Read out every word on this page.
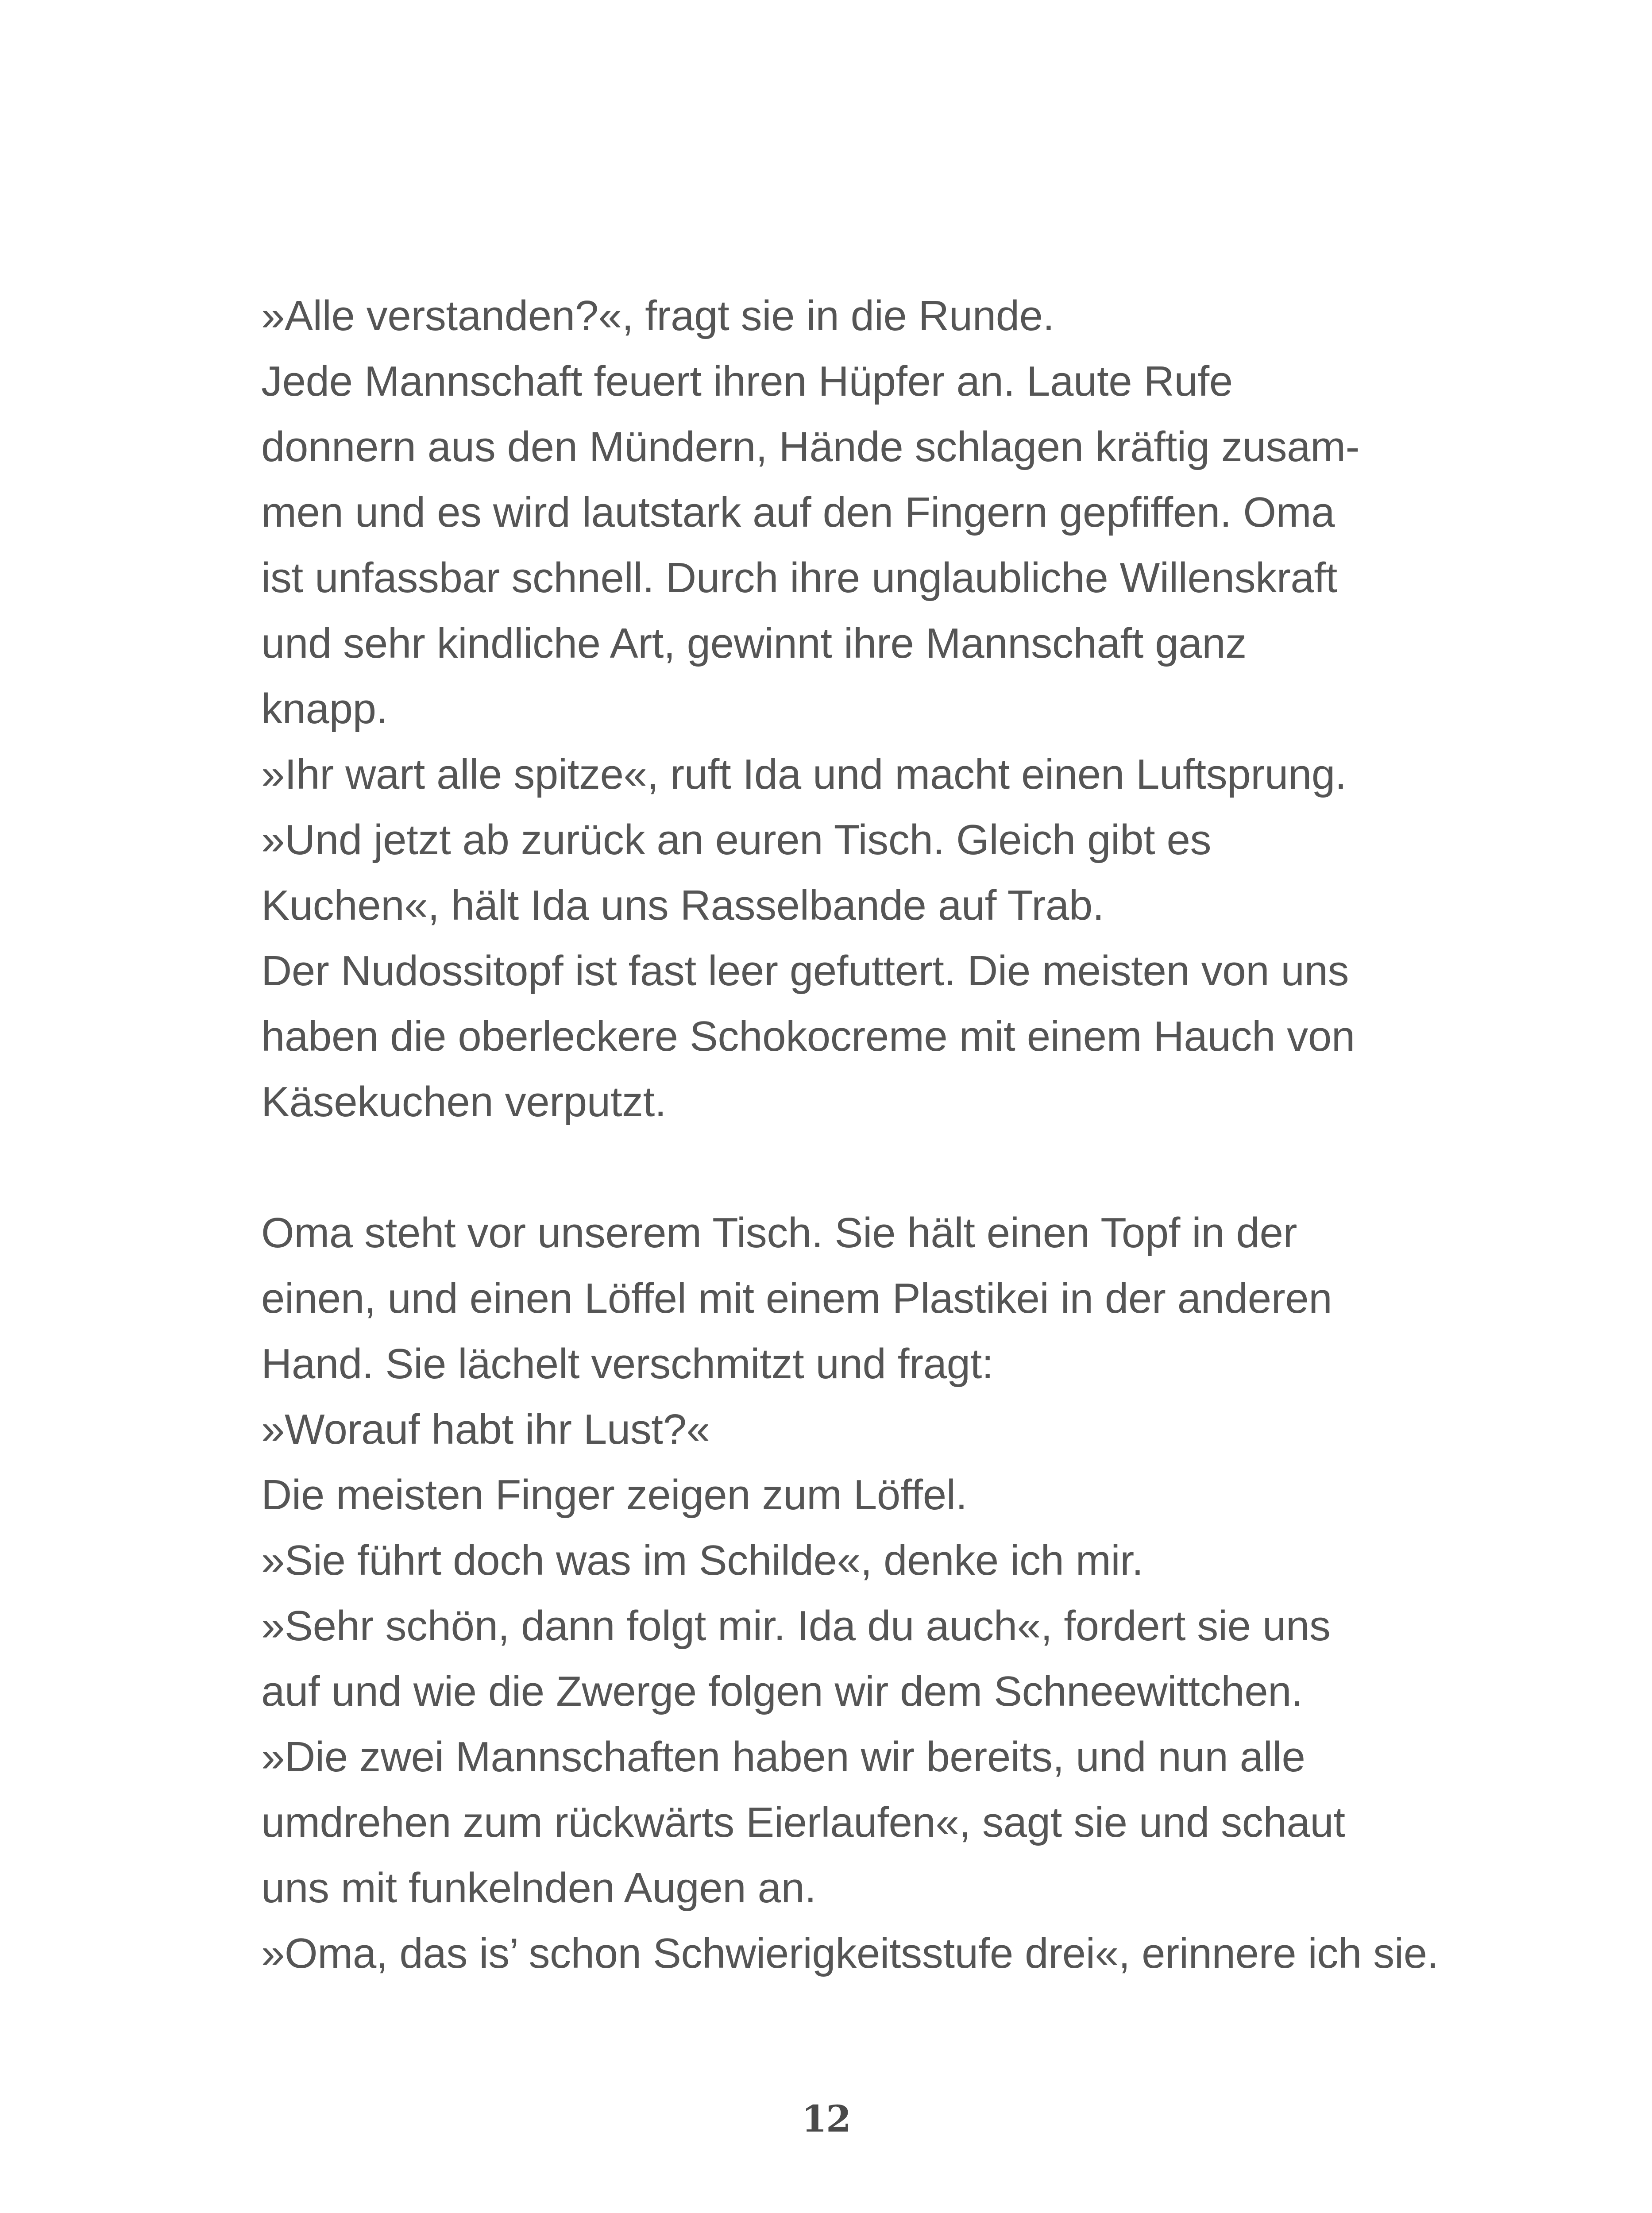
»Alle verstanden?«, fragt sie in die Runde.
Jede Mannschaft feuert ihren Hüpfer an. Laute Rufe
donnern aus den Mündern, Hände schlagen kräftig zusam-
men und es wird lautstark auf den Fingern gepfiffen. Oma
ist unfassbar schnell. Durch ihre unglaubliche Willenskraft
und sehr kindliche Art, gewinnt ihre Mannschaft ganz
knapp.
»Ihr wart alle spitze«, ruft Ida und macht einen Luftsprung.
»Und jetzt ab zurück an euren Tisch. Gleich gibt es
Kuchen«, hält Ida uns Rasselbande auf Trab.
Der Nudossitopf ist fast leer gefuttert. Die meisten von uns
haben die oberleckere Schokocreme mit einem Hauch von
Käsekuchen verputzt.
Oma steht vor unserem Tisch. Sie hält einen Topf in der
einen, und einen Löffel mit einem Plastikei in der anderen
Hand. Sie lächelt verschmitzt und fragt:
»Worauf habt ihr Lust?«
Die meisten Finger zeigen zum Löffel.
»Sie führt doch was im Schilde«, denke ich mir.
»Sehr schön, dann folgt mir. Ida du auch«, fordert sie uns
auf und wie die Zwerge folgen wir dem Schneewittchen.
»Die zwei Mannschaften haben wir bereits, und nun alle
umdrehen zum rückwärts Eierlaufen«, sagt sie und schaut
uns mit funkelnden Augen an.
»Oma, das is’ schon Schwierigkeitsstufe drei«, erinnere ich sie.
12
